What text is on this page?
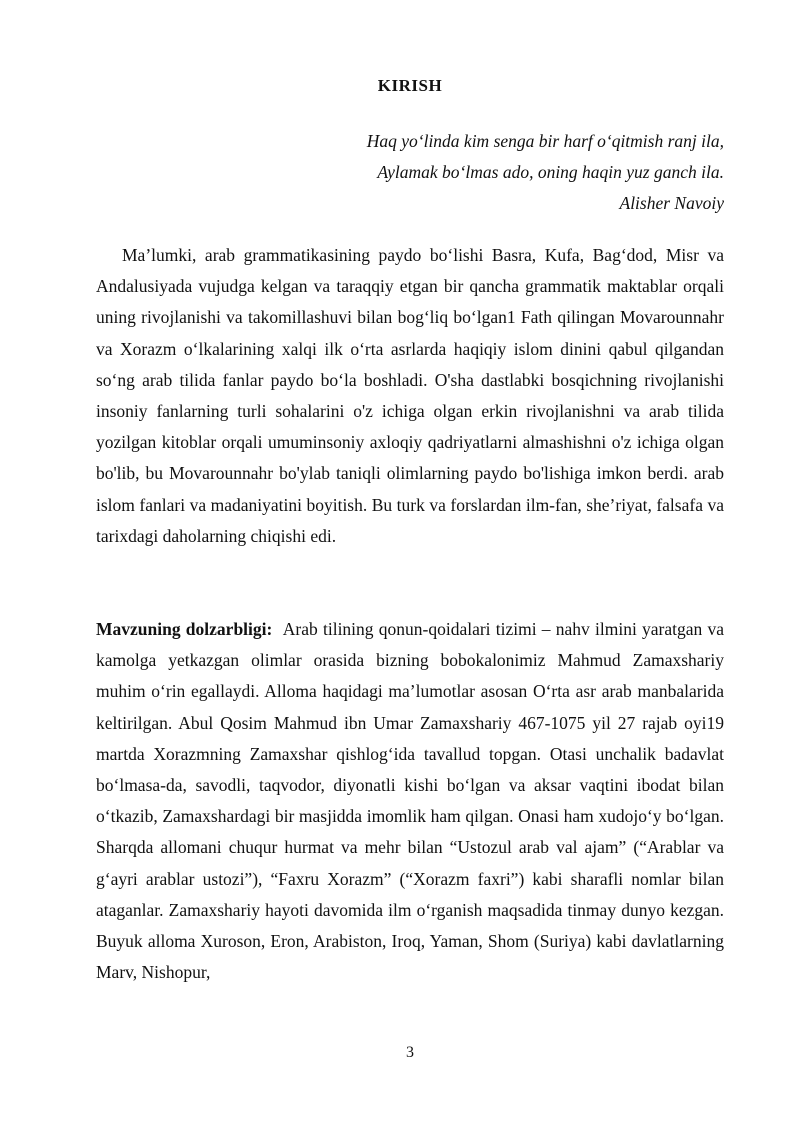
KIRISH
Haq yo‘linda kim senga bir harf o‘qitmish ranj ila,
Aylamak bo‘lmas ado, oning haqin yuz ganch ila.
Alisher Navoiy

Ma’lumki, arab grammatikasining paydo bo‘lishi Basra, Kufa, Bag‘dod, Misr va Andalusiyada vujudga kelgan va taraqqiy etgan bir qancha grammatik maktablar orqali uning rivojlanishi va takomillashuvi bilan bog‘liq bo‘lgan1 Fath qilingan Movarounnahr va Xorazm o‘lkalarining xalqi ilk o‘rta asrlarda haqiqiy islom dinini qabul qilgandan so‘ng arab tilida fanlar paydo bo‘la boshladi. O'sha dastlabki bosqichning rivojlanishi insoniy fanlarning turli sohalarini o'z ichiga olgan erkin rivojlanishni va arab tilida yozilgan kitoblar orqali umuminsoniy axloqiy qadriyatlarni almashishni o'z ichiga olgan bo'lib, bu Movarounnahr bo'ylab taniqli olimlarning paydo bo'lishiga imkon berdi. arab islom fanlari va madaniyatini boyitish. Bu turk va forslardan ilm-fan, she’riyat, falsafa va tarixdagi daholarning chiqishi edi.

Mavzuning dolzarbligi: Arab tilining qonun-qoidalari tizimi – nahv ilmini yaratgan va kamolga yetkazgan olimlar orasida bizning bobokalonimiz Mahmud Zamaxshariy muhim o‘rin egallaydi. Alloma haqidagi ma’lumotlar asosan O‘rta asr arab manbalarida keltirilgan. Abul Qosim Mahmud ibn Umar Zamaxshariy 467-1075 yil 27 rajab oyi19 martda Xorazmning Zamaxshar qishlog‘ida tavallud topgan. Otasi unchalik badavlat bo‘lmasa-da, savodli, taqvodor, diyonatli kishi bo‘lgan va aksar vaqtini ibodat bilan o‘tkazib, Zamaxshardagi bir masjidda imomlik ham qilgan. Onasi ham xudojo‘y bo‘lgan. Sharqda allomani chuqur hurmat va mehr bilan “Ustozul arab val ajam” (“Arablar va g‘ayri arablar ustozi”), “Faxru Xorazm” (“Xorazm faxri”) kabi sharafli nomlar bilan ataganlar. Zamaxshariy hayoti davomida ilm o‘rganish maqsadida tinmay dunyo kezgan. Buyuk alloma Xuroson, Eron, Arabiston, Iroq, Yaman, Shom (Suriya) kabi davlatlarning Marv, Nishopur,

3
